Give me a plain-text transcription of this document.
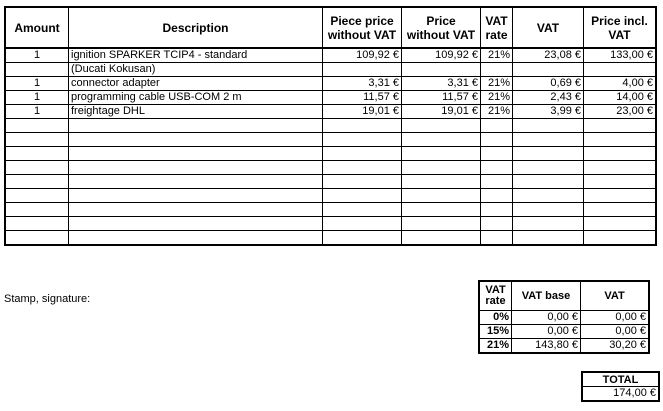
Amount	Description	Piece price without VAT	Price without VAT	VAT rate	VAT	Price incl. VAT
1	ignition SPARKER TCIP4 - standard	109,92 €	109,92 €	21%	23,08 €	133,00 €
	(Ducati Kokusan)					
1	connector adapter	3,31 €	3,31 €	21%	0,69 €	4,00 €
1	programming cable USB-COM 2 m	11,57 €	11,57 €	21%	2,43 €	14,00 €
1	freightage DHL	19,01 €	19,01 €	21%	3,99 €	23,00 €

Stamp, signature:
VAT rate	VAT base	VAT
0%	0,00 €	0,00 €
15%	0,00 €	0,00 €
21%	143,80 €	30,20 €
TOTAL
174,00 €
